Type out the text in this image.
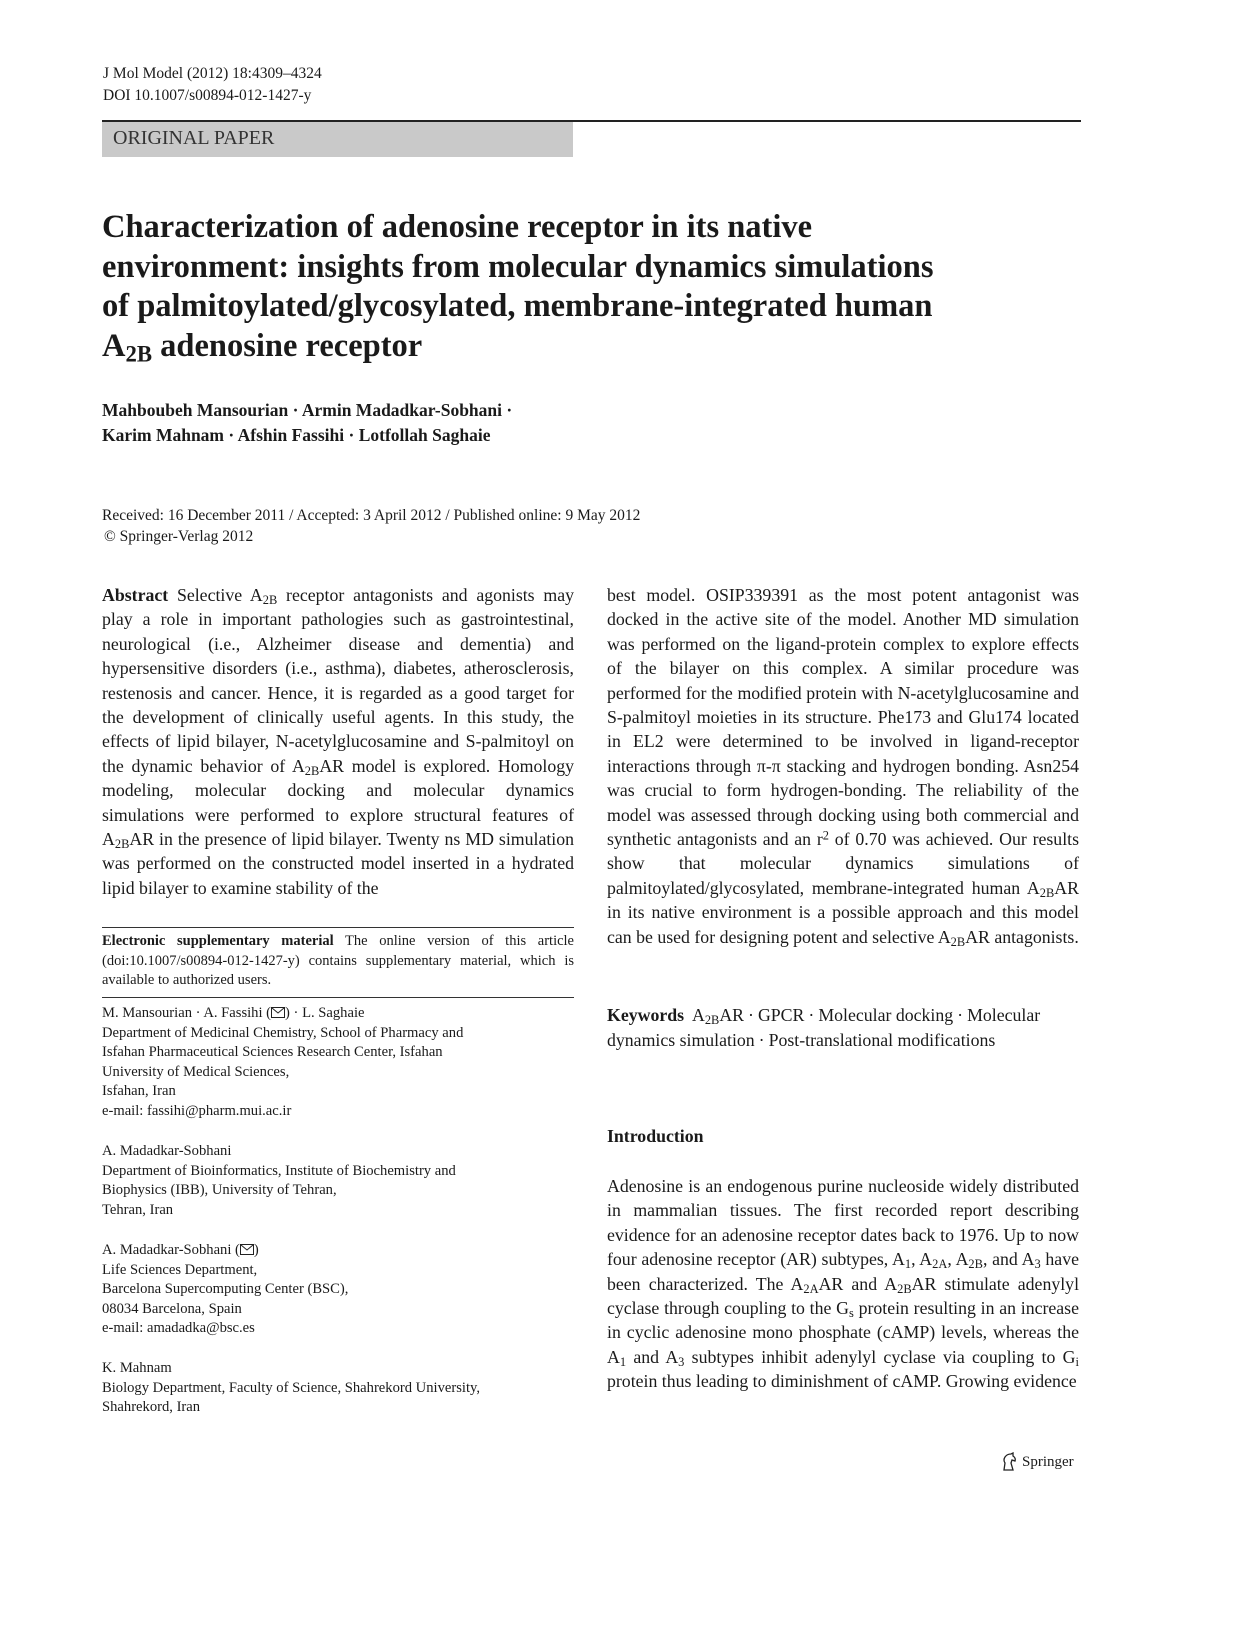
J Mol Model (2012) 18:4309–4324
DOI 10.1007/s00894-012-1427-y
ORIGINAL PAPER
Characterization of adenosine receptor in its native
environment: insights from molecular dynamics simulations
of palmitoylated/glycosylated, membrane-integrated human
$A_{2B}$ adenosine receptor
Mahboubeh Mansourian · Armin Madadkar-Sobhani ·
Karim Mahnam · Afshin Fassihi · Lotfollah Saghaie
Received: 16 December 2011 / Accepted: 3 April 2012 / Published online: 9 May 2012
© Springer-Verlag 2012

Abstract Selective $A_{2B}$ receptor antagonists and agonists may play a role in important pathologies such as gastrointestinal, neurological (i.e., Alzheimer disease and dementia) and hypersensitive disorders (i.e., asthma), diabetes, atherosclerosis, restenosis and cancer. Hence, it is regarded as a good target for the development of clinically useful agents. In this study, the effects of lipid bilayer, N-acetylglucosamine and S-palmitoyl on the dynamic behavior of $A_{2B}AR$ model is explored. Homology modeling, molecular docking and molecular dynamics simulations were performed to explore structural features of $A_{2B}AR$ in the presence of lipid bilayer. Twenty ns MD simulation was performed on the constructed model inserted in a hydrated lipid bilayer to examine stability of the

Electronic supplementary material The online version of this article (doi:10.1007/s00894-012-1427-y) contains supplementary material, which is available to authorized users.
M. Mansourian · A. Fassihi ( ) · L. Saghaie
Department of Medicinal Chemistry, School of Pharmacy and
Isfahan Pharmaceutical Sciences Research Center, Isfahan
University of Medical Sciences,
Isfahan, Iran
e-mail: fassihi@pharm.mui.ac.ir
A. Madadkar-Sobhani
Department of Bioinformatics, Institute of Biochemistry and
Biophysics (IBB), University of Tehran,
Tehran, Iran
A. Madadkar-Sobhani ( )
Life Sciences Department,
Barcelona Supercomputing Center (BSC),
08034 Barcelona, Spain
e-mail: amadadka@bsc.es
K. Mahnam
Biology Department, Faculty of Science, Shahrekord University,
Shahrekord, Iran

best model. OSIP339391 as the most potent antagonist was docked in the active site of the model. Another MD simulation was performed on the ligand-protein complex to explore effects of the bilayer on this complex. A similar procedure was performed for the modified protein with N-acetylglucosamine and S-palmitoyl moieties in its structure. Phe173 and Glu174 located in EL2 were determined to be involved in ligand-receptor interactions through π-π stacking and hydrogen bonding. Asn254 was crucial to form hydrogen-bonding. The reliability of the model was assessed through docking using both commercial and synthetic antagonists and an $r^2$ of 0.70 was achieved. Our results show that molecular dynamics simulations of palmitoylated/glycosylated, membrane-integrated human $A_{2B}AR$ in its native environment is a possible approach and this model can be used for designing potent and selective $A_{2B}AR$ antagonists.

Keywords $A_{2B}AR$ · GPCR · Molecular docking · Molecular dynamics simulation · Post-translational modifications
Introduction

Adenosine is an endogenous purine nucleoside widely distributed in mammalian tissues. The first recorded report describing evidence for an adenosine receptor dates back to 1976. Up to now four adenosine receptor (AR) subtypes, $A_1$, $A_{2A}$, $A_{2B}$, and $A_3$ have been characterized. The $A_{2A}AR$ and $A_{2B}AR$ stimulate adenylyl cyclase through coupling to the $G_s$ protein resulting in an increase in cyclic adenosine mono phosphate (cAMP) levels, whereas the $A_1$ and $A_3$ subtypes inhibit adenylyl cyclase via coupling to $G_i$ protein thus leading to diminishment of cAMP. Growing evidence

Springer
